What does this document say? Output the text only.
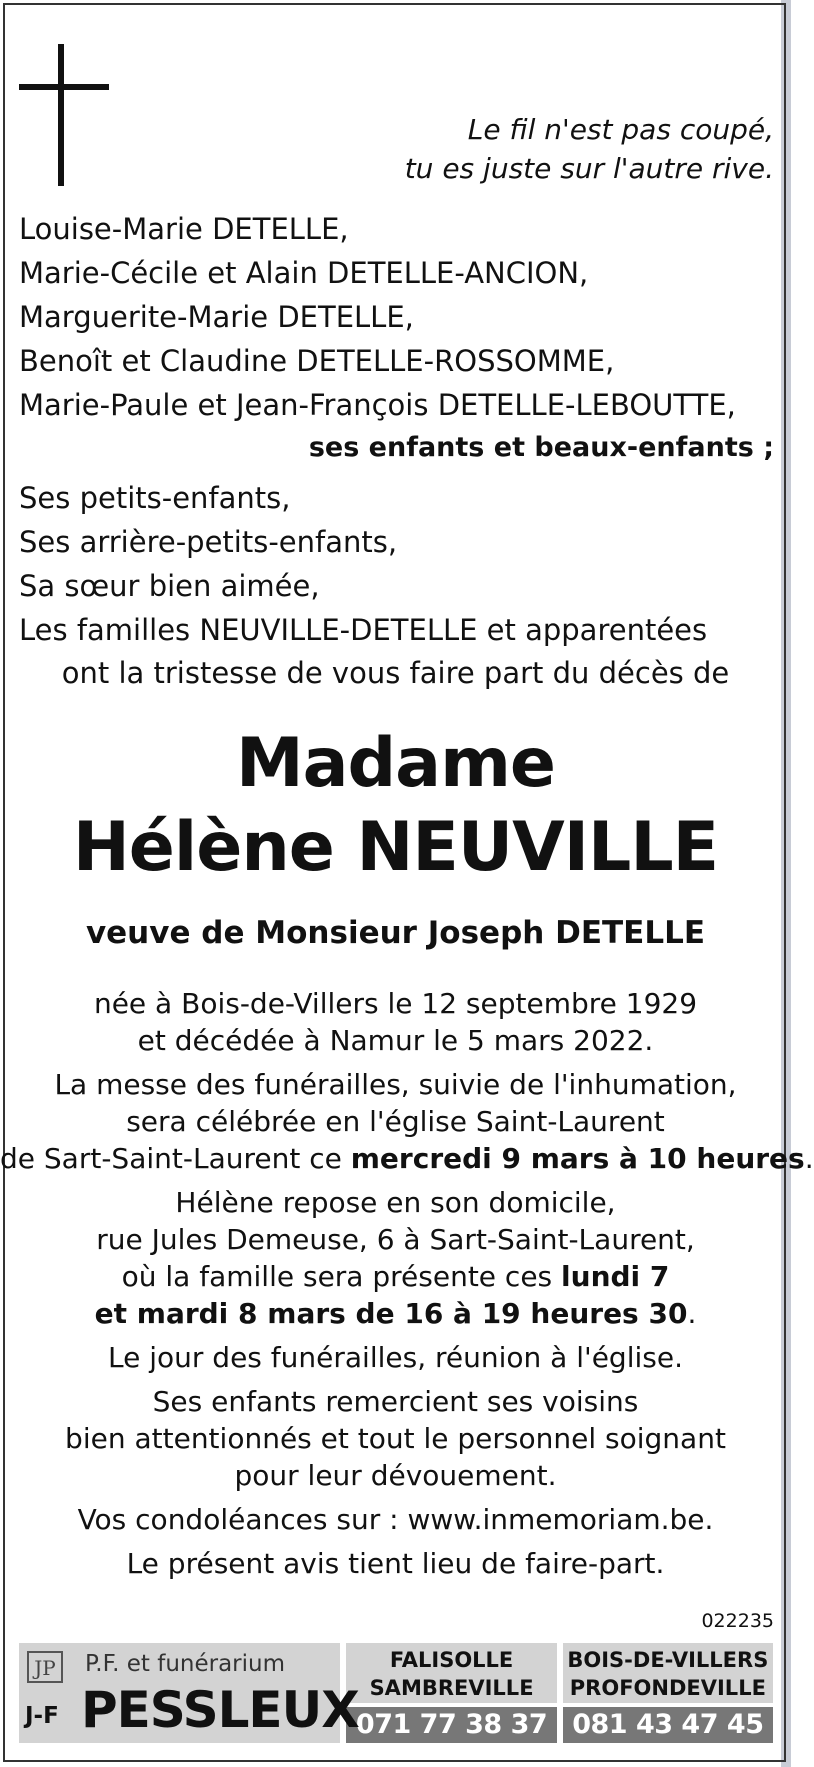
Le fil n'est pas coupé,
tu es juste sur l'autre rive.
Louise-Marie DETELLE,
Marie-Cécile et Alain DETELLE-ANCION,
Marguerite-Marie DETELLE,
Benoît et Claudine DETELLE-ROSSOMME,
Marie-Paule et Jean-François DETELLE-LEBOUTTE,
ses enfants et beaux-enfants ;
Ses petits-enfants,
Ses arrière-petits-enfants,
Sa sœur bien aimée,
Les familles NEUVILLE-DETELLE et apparentées
ont la tristesse de vous faire part du décès de
Madame
Hélène NEUVILLE
veuve de Monsieur Joseph DETELLE
née à Bois-de-Villers le 12 septembre 1929
et décédée à Namur le 5 mars 2022.
La messe des funérailles, suivie de l'inhumation,
sera célébrée en l'église Saint-Laurent
de Sart-Saint-Laurent ce mercredi 9 mars à 10 heures.
Hélène repose en son domicile,
rue Jules Demeuse, 6 à Sart-Saint-Laurent,
où la famille sera présente ces lundi 7
et mardi 8 mars de 16 à 19 heures 30.
Le jour des funérailles, réunion à l'église.
Ses enfants remercient ses voisins
bien attentionnés et tout le personnel soignant
pour leur dévouement.
Vos condoléances sur : www.inmemoriam.be.
Le présent avis tient lieu de faire-part.
022235
JP P.F. et funérarium
J-F PESSLEUX
FALISOLLE
SAMBREVILLE
071 77 38 37
BOIS-DE-VILLERS
PROFONDEVILLE
081 43 47 45
